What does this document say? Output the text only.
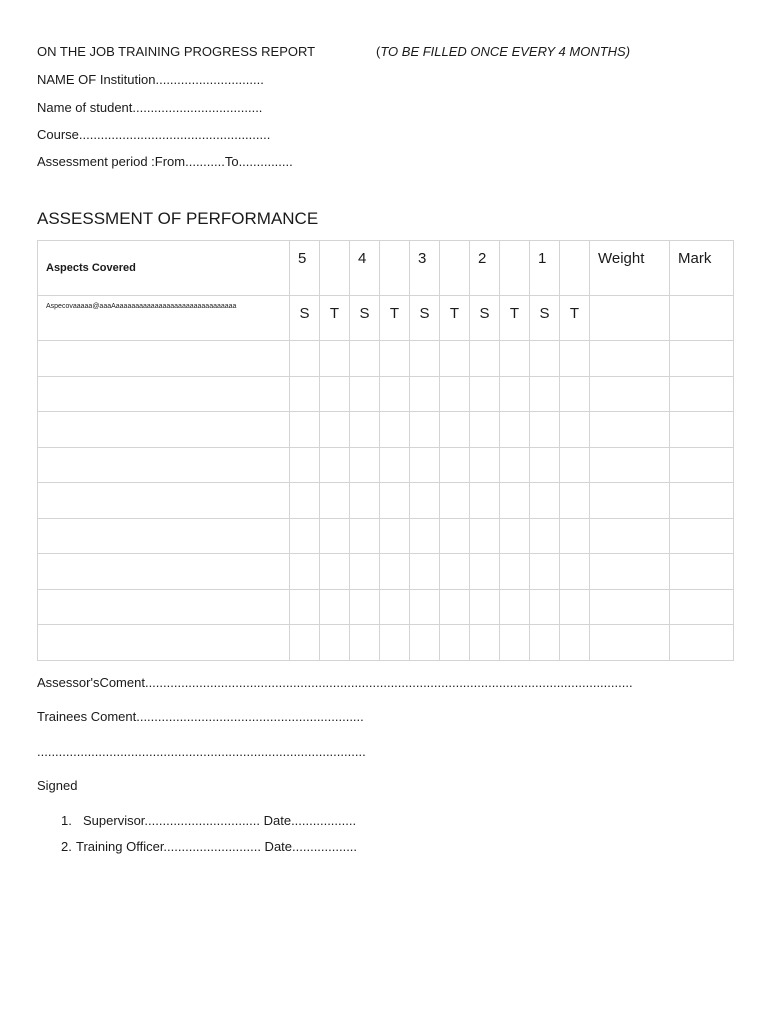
ON THE JOB TRAINING PROGRESS REPORT	(TO BE FILLED ONCE EVERY 4 MONTHS)
NAME OF Institution..............................
Name of student....................................
Course.....................................................
Assessment period :From...........To...............
ASSESSMENT OF PERFORMANCE
Aspects Covered	5		4		3		2		1		Weight	Mark
Aspecovaaaaa@aaaAaaaaaaaaaaaaaaaaaaaaaaaaaaaaaaa	S	T	S	T	S	T	S	T	S	T		

Assessor'sComent.......................................................................................................................................
Trainees Coment...............................................................
...........................................................................................
Signed
1. Supervisor................................ Date..................
2. Training Officer........................... Date..................
